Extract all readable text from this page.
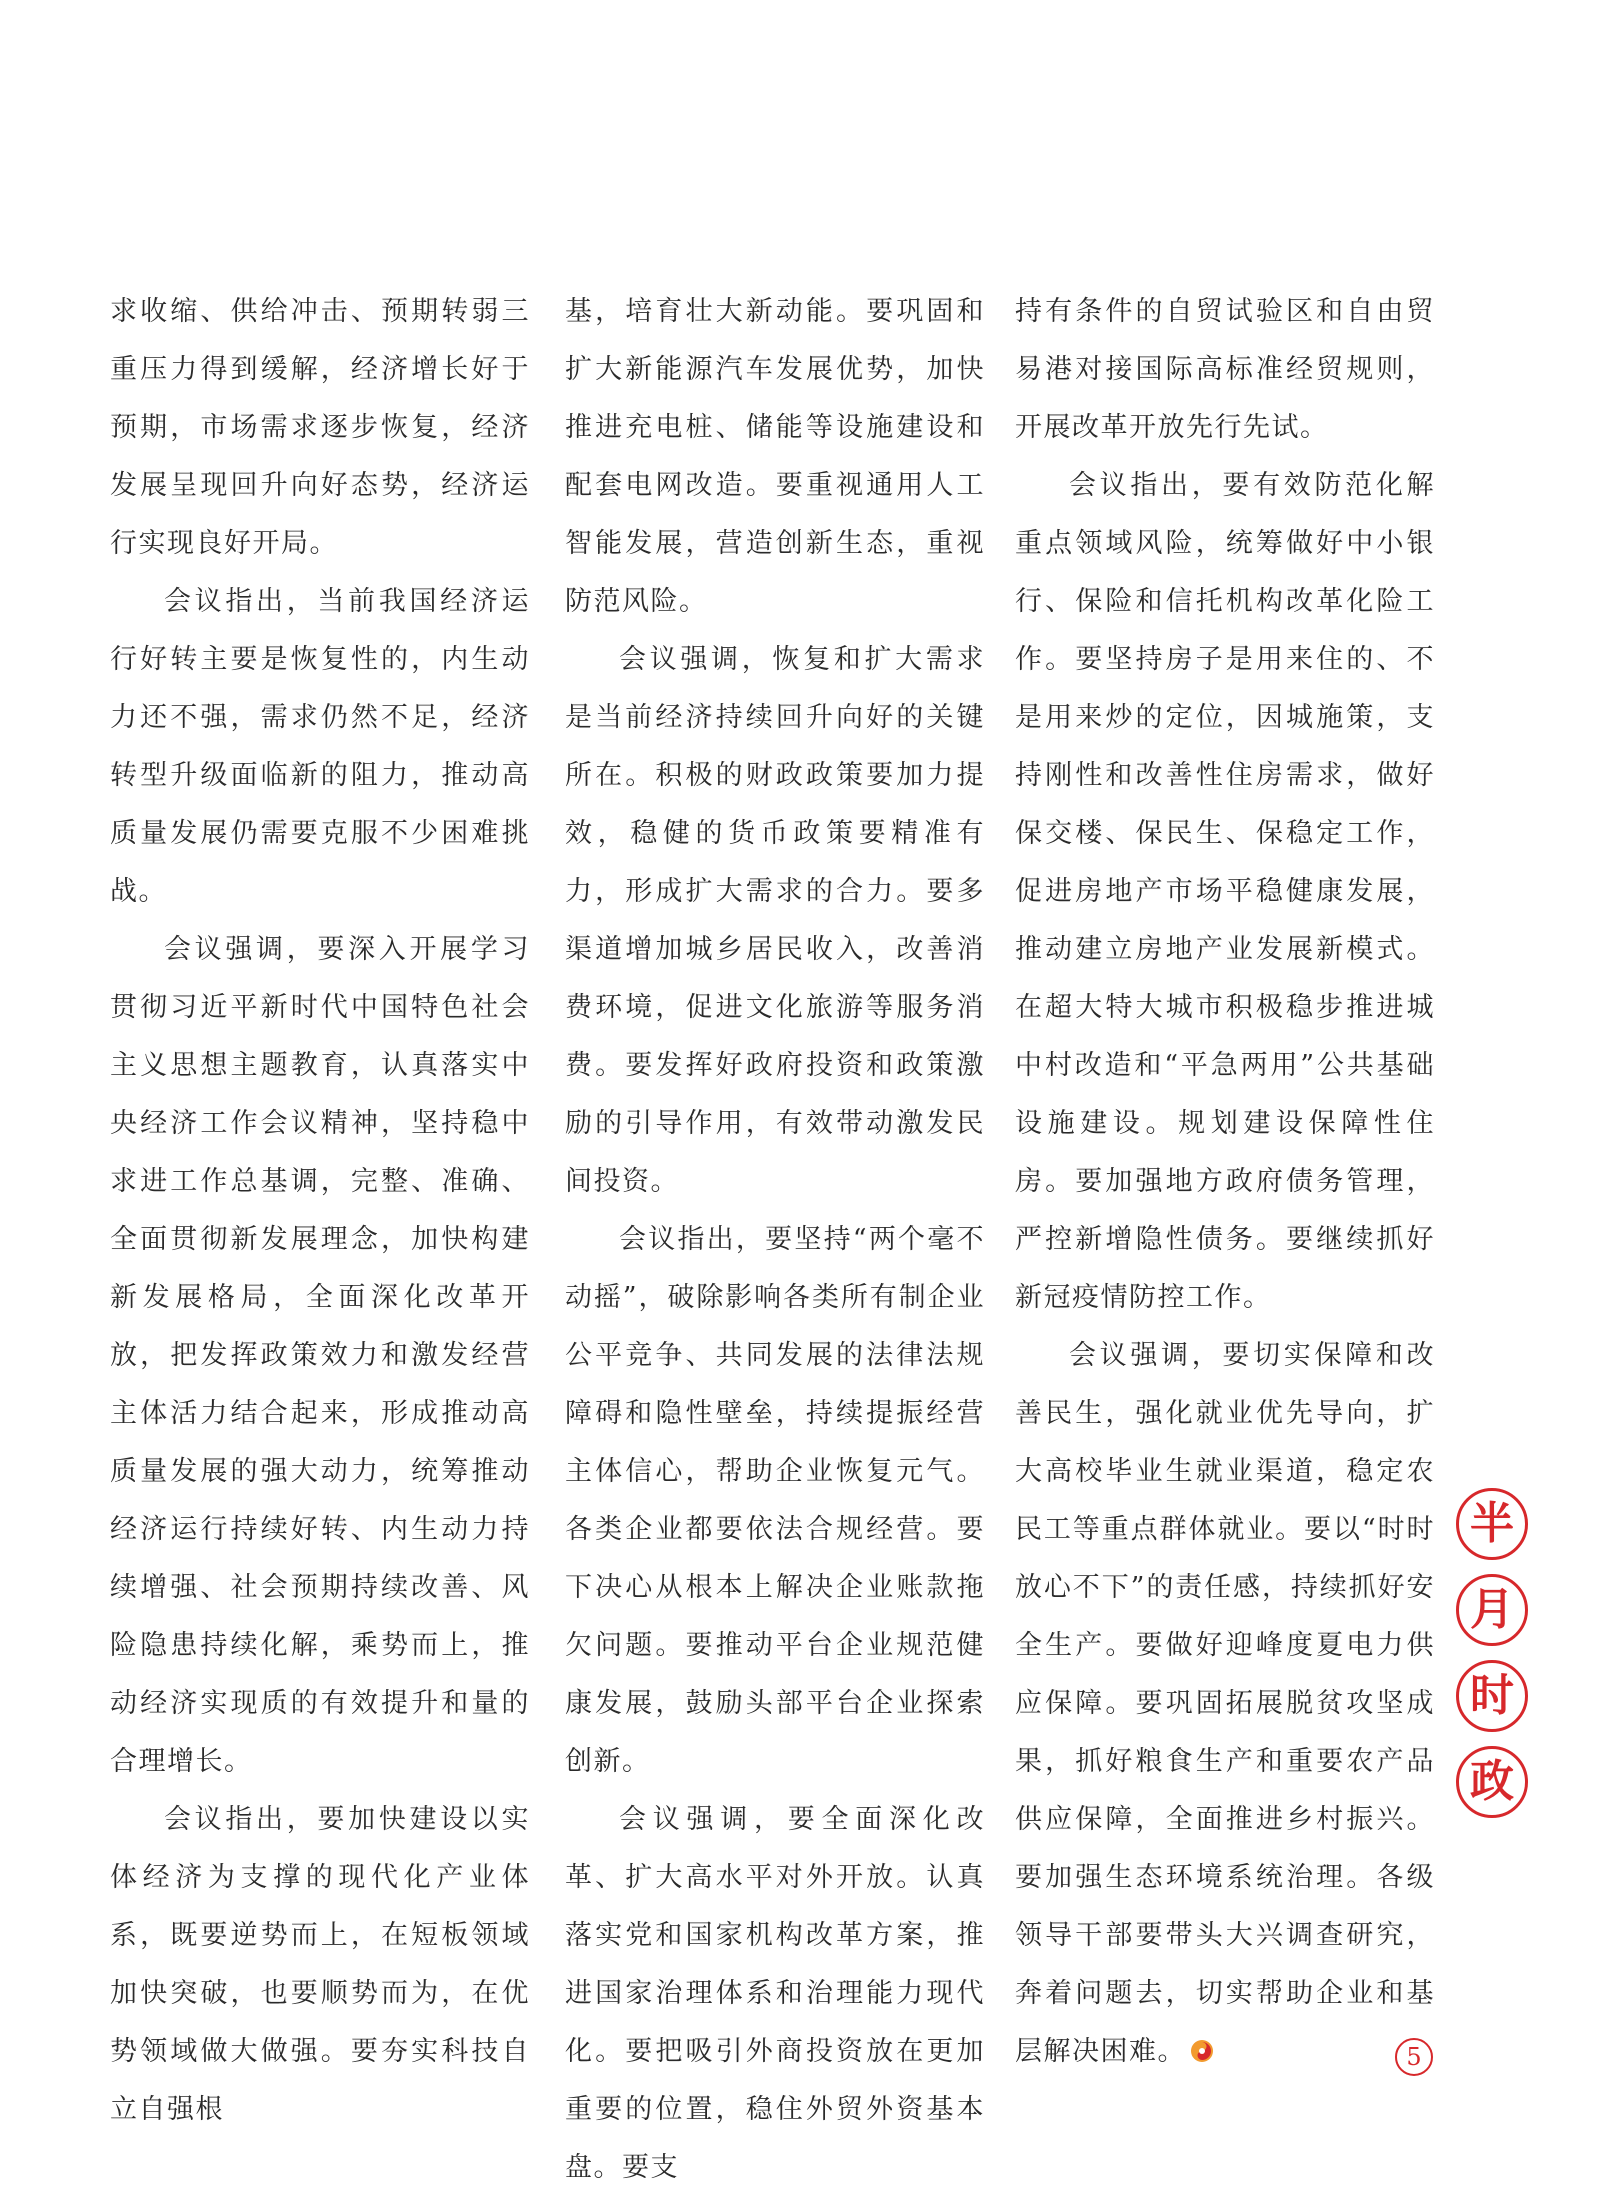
求收缩、供给冲击、预期转弱三重压力得到缓解，经济增长好于预期，市场需求逐步恢复，经济发展呈现回升向好态势，经济运行实现良好开局。

会议指出，当前我国经济运行好转主要是恢复性的，内生动力还不强，需求仍然不足，经济转型升级面临新的阻力，推动高质量发展仍需要克服不少困难挑战。

会议强调，要深入开展学习贯彻习近平新时代中国特色社会主义思想主题教育，认真落实中央经济工作会议精神，坚持稳中求进工作总基调，完整、准确、全面贯彻新发展理念，加快构建新发展格局，全面深化改革开放，把发挥政策效力和激发经营主体活力结合起来，形成推动高质量发展的强大动力，统筹推动经济运行持续好转、内生动力持续增强、社会预期持续改善、风险隐患持续化解，乘势而上，推动经济实现质的有效提升和量的合理增长。

会议指出，要加快建设以实体经济为支撑的现代化产业体系，既要逆势而上，在短板领域加快突破，也要顺势而为，在优势领域做大做强。要夯实科技自立自强根

基，培育壮大新动能。要巩固和扩大新能源汽车发展优势，加快推进充电桩、储能等设施建设和配套电网改造。要重视通用人工智能发展，营造创新生态，重视防范风险。

会议强调，恢复和扩大需求是当前经济持续回升向好的关键所在。积极的财政政策要加力提效，稳健的货币政策要精准有力，形成扩大需求的合力。要多渠道增加城乡居民收入，改善消费环境，促进文化旅游等服务消费。要发挥好政府投资和政策激励的引导作用，有效带动激发民间投资。

会议指出，要坚持“两个毫不动摇”，破除影响各类所有制企业公平竞争、共同发展的法律法规障碍和隐性壁垒，持续提振经营主体信心，帮助企业恢复元气。各类企业都要依法合规经营。要下决心从根本上解决企业账款拖欠问题。要推动平台企业规范健康发展，鼓励头部平台企业探索创新。

会议强调，要全面深化改革、扩大高水平对外开放。认真落实党和国家机构改革方案，推进国家治理体系和治理能力现代化。要把吸引外商投资放在更加重要的位置，稳住外贸外资基本盘。要支

持有条件的自贸试验区和自由贸易港对接国际高标准经贸规则，开展改革开放先行先试。

会议指出，要有效防范化解重点领域风险，统筹做好中小银行、保险和信托机构改革化险工作。要坚持房子是用来住的、不是用来炒的定位，因城施策，支持刚性和改善性住房需求，做好保交楼、保民生、保稳定工作，促进房地产市场平稳健康发展，推动建立房地产业发展新模式。在超大特大城市积极稳步推进城中村改造和“平急两用”公共基础设施建设。规划建设保障性住房。要加强地方政府债务管理，严控新增隐性债务。要继续抓好新冠疫情防控工作。

会议强调，要切实保障和改善民生，强化就业优先导向，扩大高校毕业生就业渠道，稳定农民工等重点群体就业。要以“时时放心不下”的责任感，持续抓好安全生产。要做好迎峰度夏电力供应保障。要巩固拓展脱贫攻坚成果，抓好粮食生产和重要农产品供应保障，全面推进乡村振兴。要加强生态环境系统治理。各级领导干部要带头大兴调查研究，奔着问题去，切实帮助企业和基层解决困难。

半
月
时
政
5
